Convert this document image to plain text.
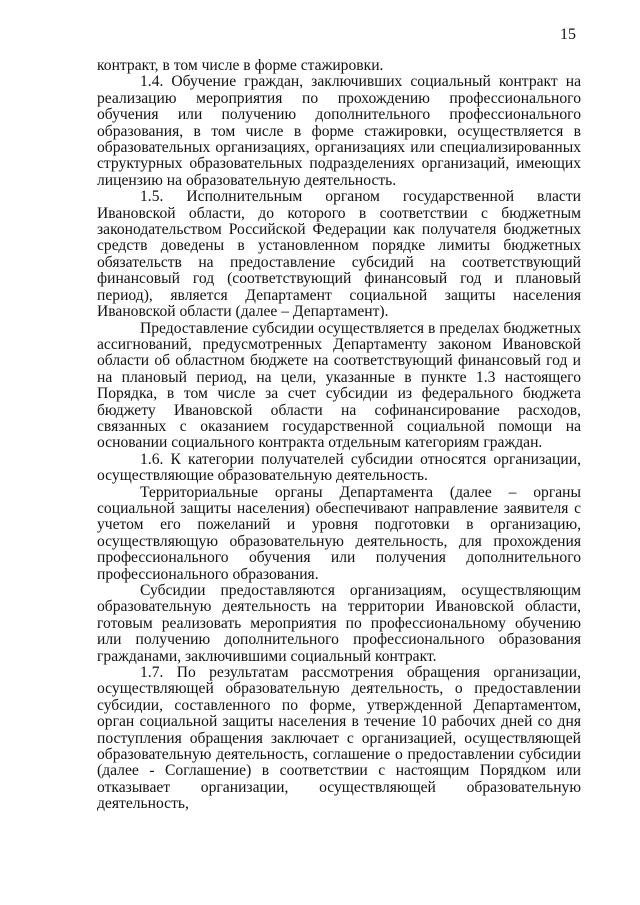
15

контракт, в том числе в форме стажировки.

1.4. Обучение граждан, заключивших социальный контракт на реализацию мероприятия по прохождению профессионального обучения или получению дополнительного профессионального образования, в том числе в форме стажировки, осуществляется в образовательных организациях, организациях или специализированных структурных образовательных подразделениях организаций, имеющих лицензию на образовательную деятельность.

1.5. Исполнительным органом государственной власти Ивановской области, до которого в соответствии с бюджетным законодательством Российской Федерации как получателя бюджетных средств доведены в установленном порядке лимиты бюджетных обязательств на предоставление субсидий на соответствующий финансовый год (соответствующий финансовый год и плановый период), является Департамент социальной защиты населения Ивановской области (далее – Департамент).

Предоставление субсидии осуществляется в пределах бюджетных ассигнований, предусмотренных Департаменту законом Ивановской области об областном бюджете на соответствующий финансовый год и на плановый период, на цели, указанные в пункте 1.3 настоящего Порядка, в том числе за счет субсидии из федерального бюджета бюджету Ивановской области на софинансирование расходов, связанных с оказанием государственной социальной помощи на основании социального контракта отдельным категориям граждан.

1.6. К категории получателей субсидии относятся организации, осуществляющие образовательную деятельность.

Территориальные органы Департамента (далее – органы социальной защиты населения) обеспечивают направление заявителя с учетом его пожеланий и уровня подготовки в организацию, осуществляющую образовательную деятельность, для прохождения профессионального обучения или получения дополнительного профессионального образования.

Субсидии предоставляются организациям, осуществляющим образовательную деятельность на территории Ивановской области, готовым реализовать мероприятия по профессиональному обучению или получению дополнительного профессионального образования гражданами, заключившими социальный контракт.

1.7. По результатам рассмотрения обращения организации, осуществляющей образовательную деятельность, о предоставлении субсидии, составленного по форме, утвержденной Департаментом, орган социальной защиты населения в течение 10 рабочих дней со дня поступления обращения заключает с организацией, осуществляющей образовательную деятельность, соглашение о предоставлении субсидии (далее - Соглашение) в соответствии с настоящим Порядком или отказывает организации, осуществляющей образовательную деятельность,
